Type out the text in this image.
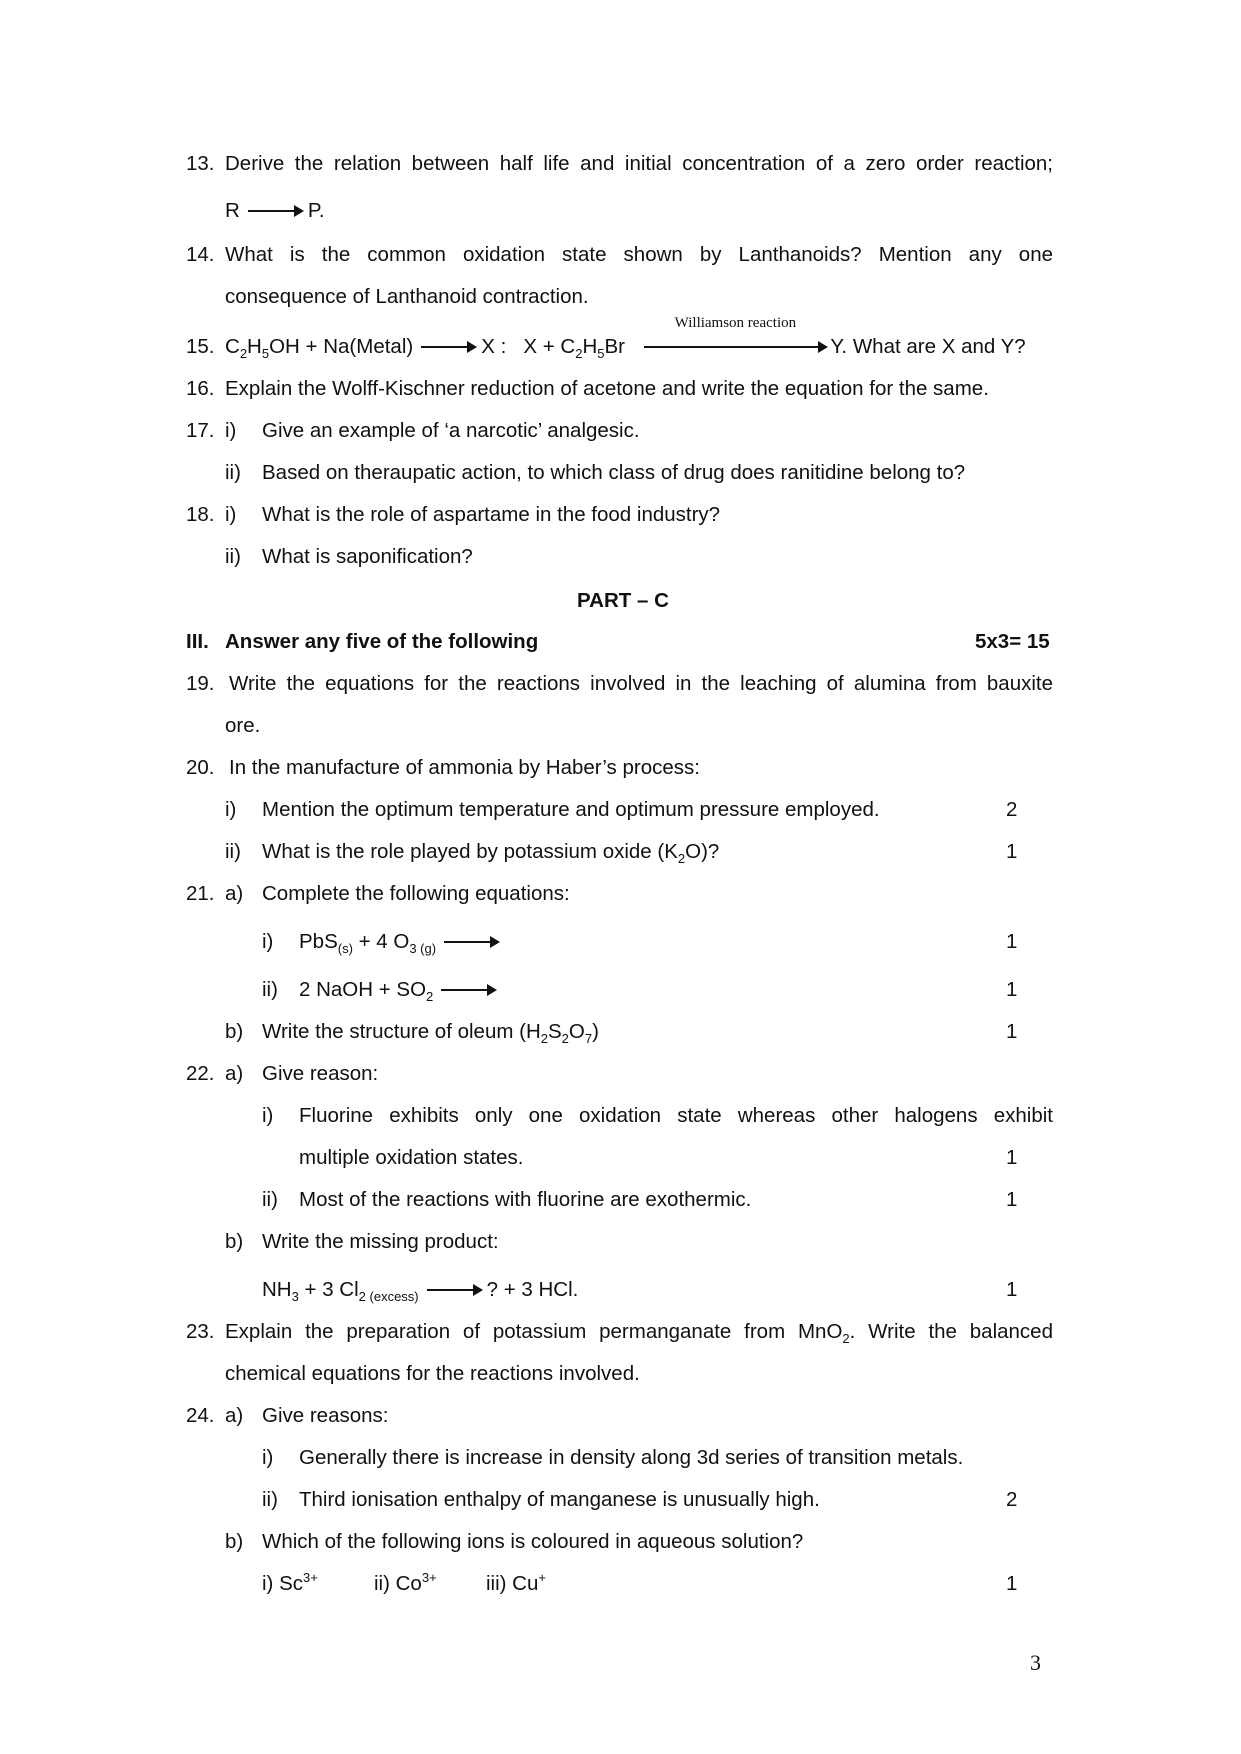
13. Derive the relation between half life and initial concentration of a zero order reaction;
R → P.
14. What is the common oxidation state shown by Lanthanoids? Mention any one
consequence of Lanthanoid contraction.
15. $C_2H_5OH$ + Na(Metal) → X : $X + C_2H_5Br$
Williamson reaction
Y. What are X and Y?
16. Explain the Wolff-Kischner reduction of acetone and write the equation for the same.
17. i) Give an example of ‘a narcotic’ analgesic.
ii) Based on theraupatic action, to which class of drug does ranitidine belong to?
18. i) What is the role of aspartame in the food industry?
ii) What is saponification?
PART – C
III. Answer any five of the following	5x3= 15
19. Write the equations for the reactions involved in the leaching of alumina from bauxite
ore.
20. In the manufacture of ammonia by Haber’s process:
i) Mention the optimum temperature and optimum pressure employed.	2
ii) What is the role played by potassium oxide $(K_2O)$?	1
21. a) Complete the following equations:
i) PbS$_{(s)}$ + 4 $O_{3 (g)}$ →	1
ii) 2 NaOH + $SO_2$ →	1
b) Write the structure of oleum $(H_2S_2O_7)$	1
22. a) Give reason:
i) Fluorine exhibits only one oxidation state whereas other halogens exhibit
multiple oxidation states.	1
ii) Most of the reactions with fluorine are exothermic.	1
b) Write the missing product:
$NH_3 + 3$ $Cl_{2 (excess)}$ → ? + 3 HCl.	1
23. Explain the preparation of potassium permanganate from MnO$_2$. Write the balanced
chemical equations for the reactions involved.
24. a) Give reasons:
i) Generally there is increase in density along 3d series of transition metals.
ii) Third ionisation enthalpy of manganese is unusually high.	2
b) Which of the following ions is coloured in aqueous solution?
i) $Sc^{3+}$	ii) $Co^{3+}$ iii) Cu+	1
3
